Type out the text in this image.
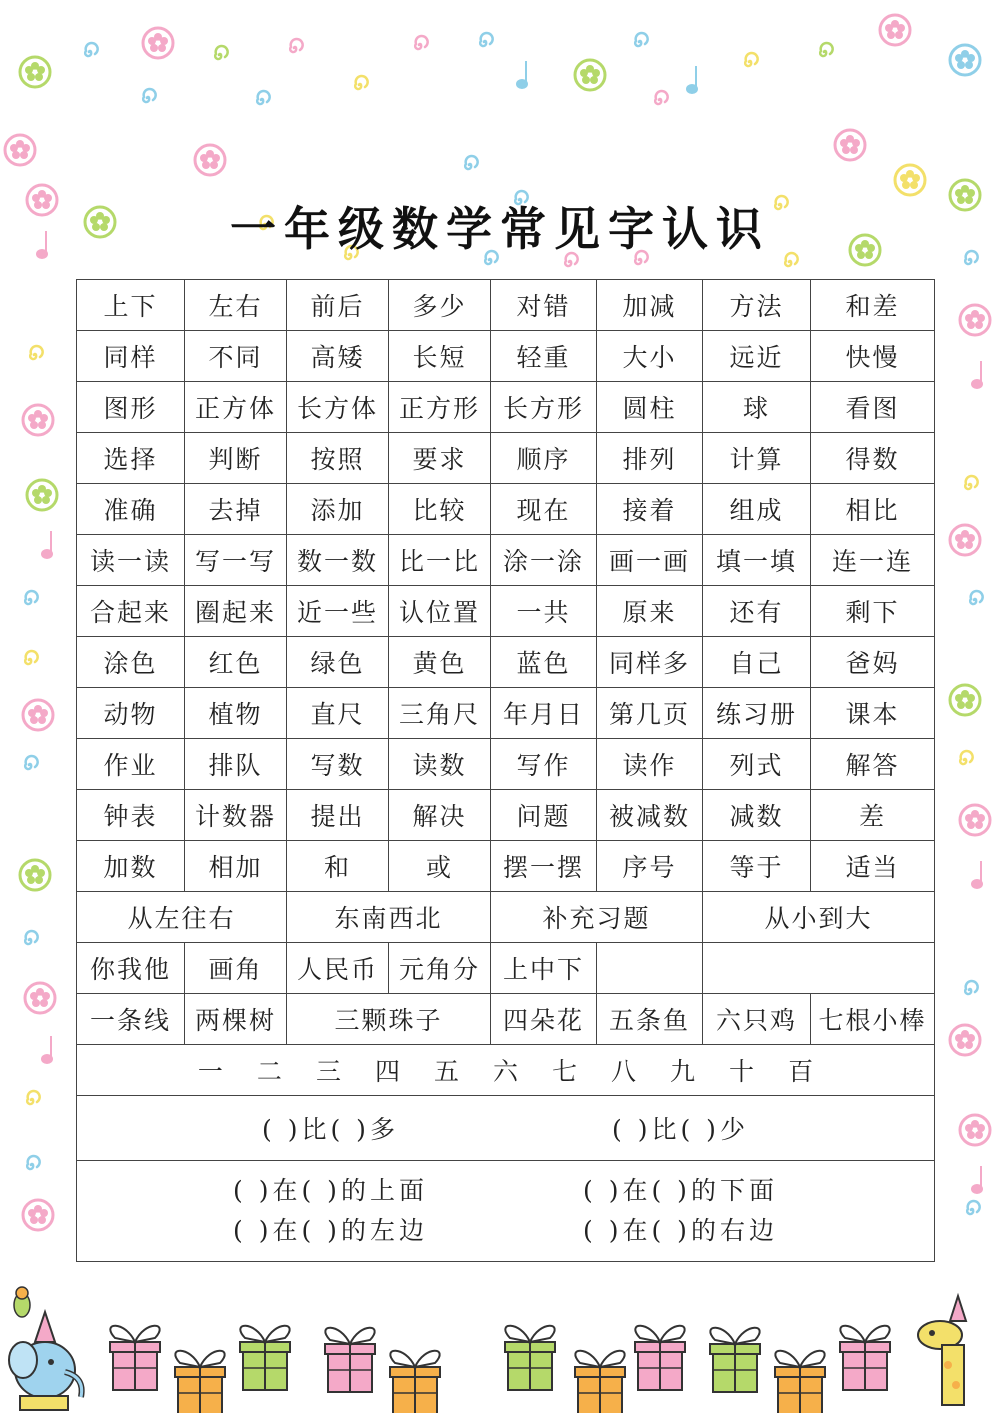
一年级数学常见字认识
上下	左右	前后	多少	对错	加减	方法	和差
同样	不同	高矮	长短	轻重	大小	远近	快慢
图形	正方体	长方体	正方形	长方形	圆柱	球	看图
选择	判断	按照	要求	顺序	排列	计算	得数
准确	去掉	添加	比较	现在	接着	组成	相比
读一读	写一写	数一数	比一比	涂一涂	画一画	填一填	连一连
合起来	圈起来	近一些	认位置	一共	原来	还有	剩下
涂色	红色	绿色	黄色	蓝色	同样多	自己	爸妈
动物	植物	直尺	三角尺	年月日	第几页	练习册	课本
作业	排队	写数	读数	写作	读作	列式	解答
钟表	计数器	提出	解决	问题	被减数	减数	差
加数	相加	和	或	摆一摆	序号	等于	适当
从左往右		东南西北		补充习题		从小到大	
你我他	画角	人民币	元角分	上中下			
一条线	两棵树	三颗珠子		四朵花	五条鱼	六只鸡	七根小棒
一 二 三 四 五 六 七 八 九 十 百							
( )比( )多 ( )比( )少							

( )在( )的上面 ( )在( )的下面
( )在( )的左边 ( )在( )的右边							
